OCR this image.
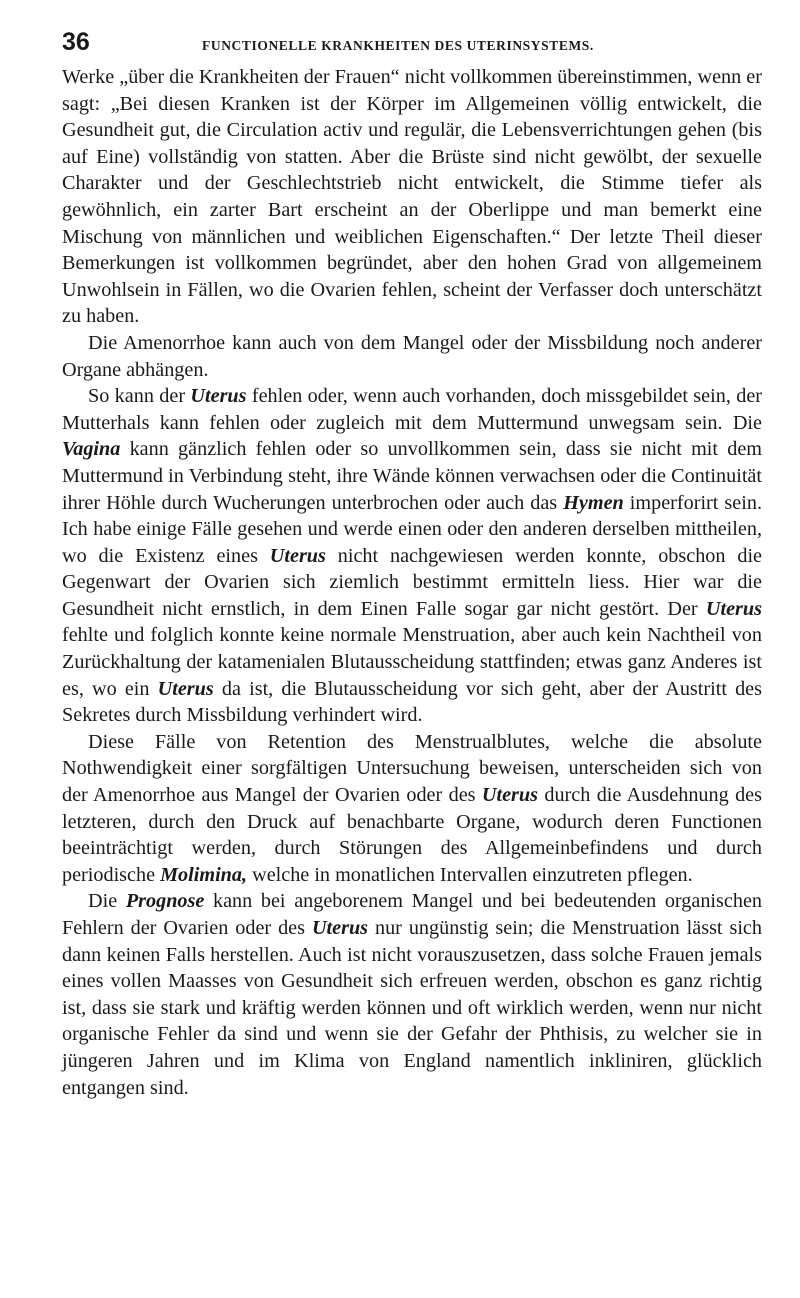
36	FUNCTIONELLE KRANKHEITEN DES UTERINSYSTEMS.

Werke „über die Krankheiten der Frauen“ nicht vollkommen übereinstimmen, wenn er sagt: „Bei diesen Kranken ist der Körper im Allgemeinen völlig entwickelt, die Gesundheit gut, die Circulation activ und regulär, die Lebensverrichtungen gehen (bis auf Eine) vollständig von statten. Aber die Brüste sind nicht gewölbt, der sexuelle Charakter und der Geschlechtstrieb nicht entwickelt, die Stimme tiefer als gewöhnlich, ein zarter Bart erscheint an der Oberlippe und man bemerkt eine Mischung von männlichen und weiblichen Eigenschaften.“ Der letzte Theil dieser Bemerkungen ist vollkommen begründet, aber den hohen Grad von allgemeinem Unwohlsein in Fällen, wo die Ovarien fehlen, scheint der Verfasser doch unterschätzt zu haben.

Die Amenorrhoe kann auch von dem Mangel oder der Missbildung noch anderer Organe abhängen.

So kann der Uterus fehlen oder, wenn auch vorhanden, doch missgebildet sein, der Mutterhals kann fehlen oder zugleich mit dem Muttermund unwegsam sein. Die Vagina kann gänzlich fehlen oder so unvollkommen sein, dass sie nicht mit dem Muttermund in Verbindung steht, ihre Wände können verwachsen oder die Continuität ihrer Höhle durch Wucherungen unterbrochen oder auch das Hymen imperforirt sein. Ich habe einige Fälle gesehen und werde einen oder den anderen derselben mittheilen, wo die Existenz eines Uterus nicht nachgewiesen werden konnte, obschon die Gegenwart der Ovarien sich ziemlich bestimmt ermitteln liess. Hier war die Gesundheit nicht ernstlich, in dem Einen Falle sogar gar nicht gestört. Der Uterus fehlte und folglich konnte keine normale Menstruation, aber auch kein Nachtheil von Zurückhaltung der katamenialen Blutausscheidung stattfinden; etwas ganz Anderes ist es, wo ein Uterus da ist, die Blutausscheidung vor sich geht, aber der Austritt des Sekretes durch Missbildung verhindert wird.

Diese Fälle von Retention des Menstrualblutes, welche die absolute Nothwendigkeit einer sorgfältigen Untersuchung beweisen, unterscheiden sich von der Amenorrhoe aus Mangel der Ovarien oder des Uterus durch die Ausdehnung des letzteren, durch den Druck auf benachbarte Organe, wodurch deren Functionen beeinträchtigt werden, durch Störungen des Allgemeinbefindens und durch periodische Molimina, welche in monatlichen Intervallen einzutreten pflegen.

Die Prognose kann bei angeborenem Mangel und bei bedeutenden organischen Fehlern der Ovarien oder des Uterus nur ungünstig sein; die Menstruation lässt sich dann keinen Falls herstellen. Auch ist nicht vorauszusetzen, dass solche Frauen jemals eines vollen Maasses von Gesundheit sich erfreuen werden, obschon es ganz richtig ist, dass sie stark und kräftig werden können und oft wirklich werden, wenn nur nicht organische Fehler da sind und wenn sie der Gefahr der Phthisis, zu welcher sie in jüngeren Jahren und im Klima von England namentlich inkliniren, glücklich entgangen sind.
